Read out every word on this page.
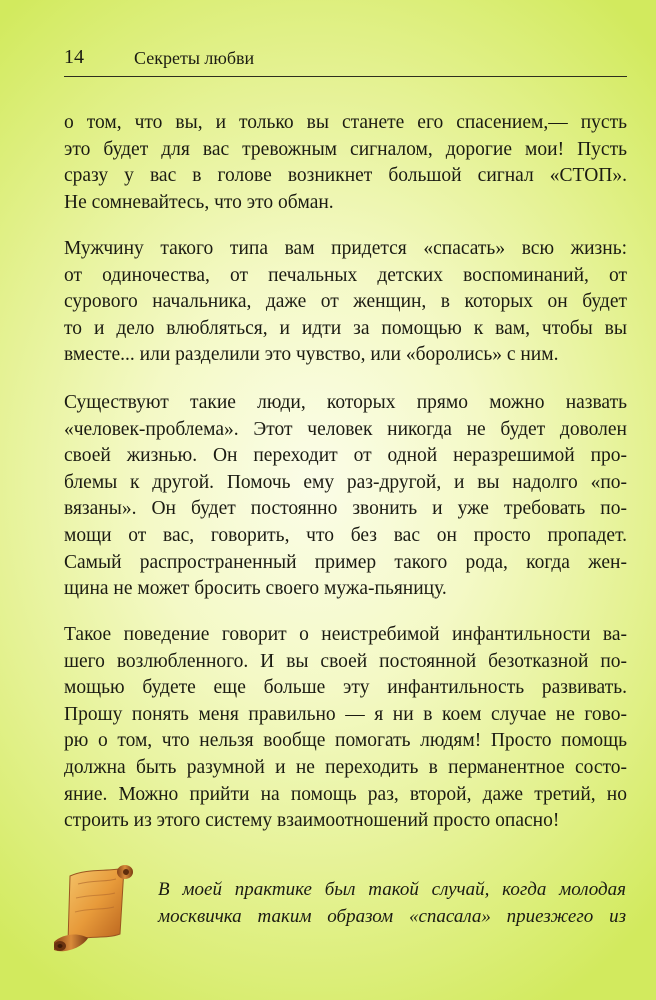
14	Секреты любви

о том, что вы, и только вы станете его спасением,— пусть
это будет для вас тревожным сигналом, дорогие мои! Пусть
сразу у вас в голове возникнет большой сигнал «СТОП».
Не сомневайтесь, что это обман.

Мужчину такого типа вам придется «спасать» всю жизнь:
от одиночества, от печальных детских воспоминаний, от
сурового начальника, даже от женщин, в которых он будет
то и дело влюбляться, и идти за помощью к вам, чтобы вы
вместе... или разделили это чувство, или «боролись» с ним.

Существуют такие люди, которых прямо можно назвать
«человек-проблема». Этот человек никогда не будет доволен
своей жизнью. Он переходит от одной неразрешимой про-
блемы к другой. Помочь ему раз-другой, и вы надолго «по-
вязаны». Он будет постоянно звонить и уже требовать по-
мощи от вас, говорить, что без вас он просто пропадет.
Самый распространенный пример такого рода, когда жен-
щина не может бросить своего мужа-пьяницу.

Такое поведение говорит о неистребимой инфантильности ва-
шего возлюбленного. И вы своей постоянной безотказной по-
мощью будете еще больше эту инфантильность развивать.
Прошу понять меня правильно — я ни в коем случае не гово-
рю о том, что нельзя вообще помогать людям! Просто помощь
должна быть разумной и не переходить в перманентное состо-
яние. Можно прийти на помощь раз, второй, даже третий, но
строить из этого систему взаимоотношений просто опасно!

В моей практике был такой случай, когда молодая
москвичка таким образом «спасала» приезжего из
